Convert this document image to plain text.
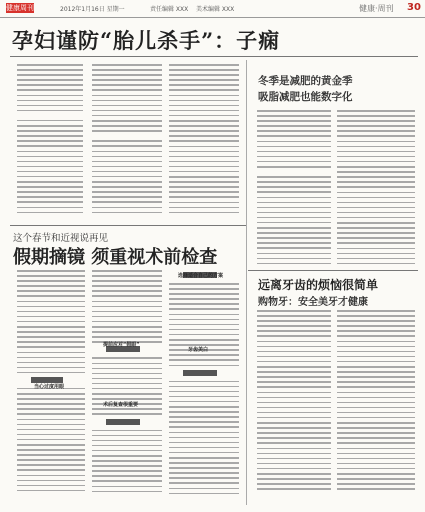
健康周刊	2012年1月16日 星期一	责任编辑 XXX 美术编辑 XXX	健康·周刊 30
孕妇谨防“胎儿杀手”：子痫
冬季是减肥的黄金季
吸脂减肥也能数字化
这个春节和近视说再见
假期摘镜 须重视术前检查
当心过度用眼
提前应对“假眼”
术后复查很重要
选择适合自己的方案
牙齿美白
远离牙齿的烦恼很简单
购物牙：安全美牙才健康
